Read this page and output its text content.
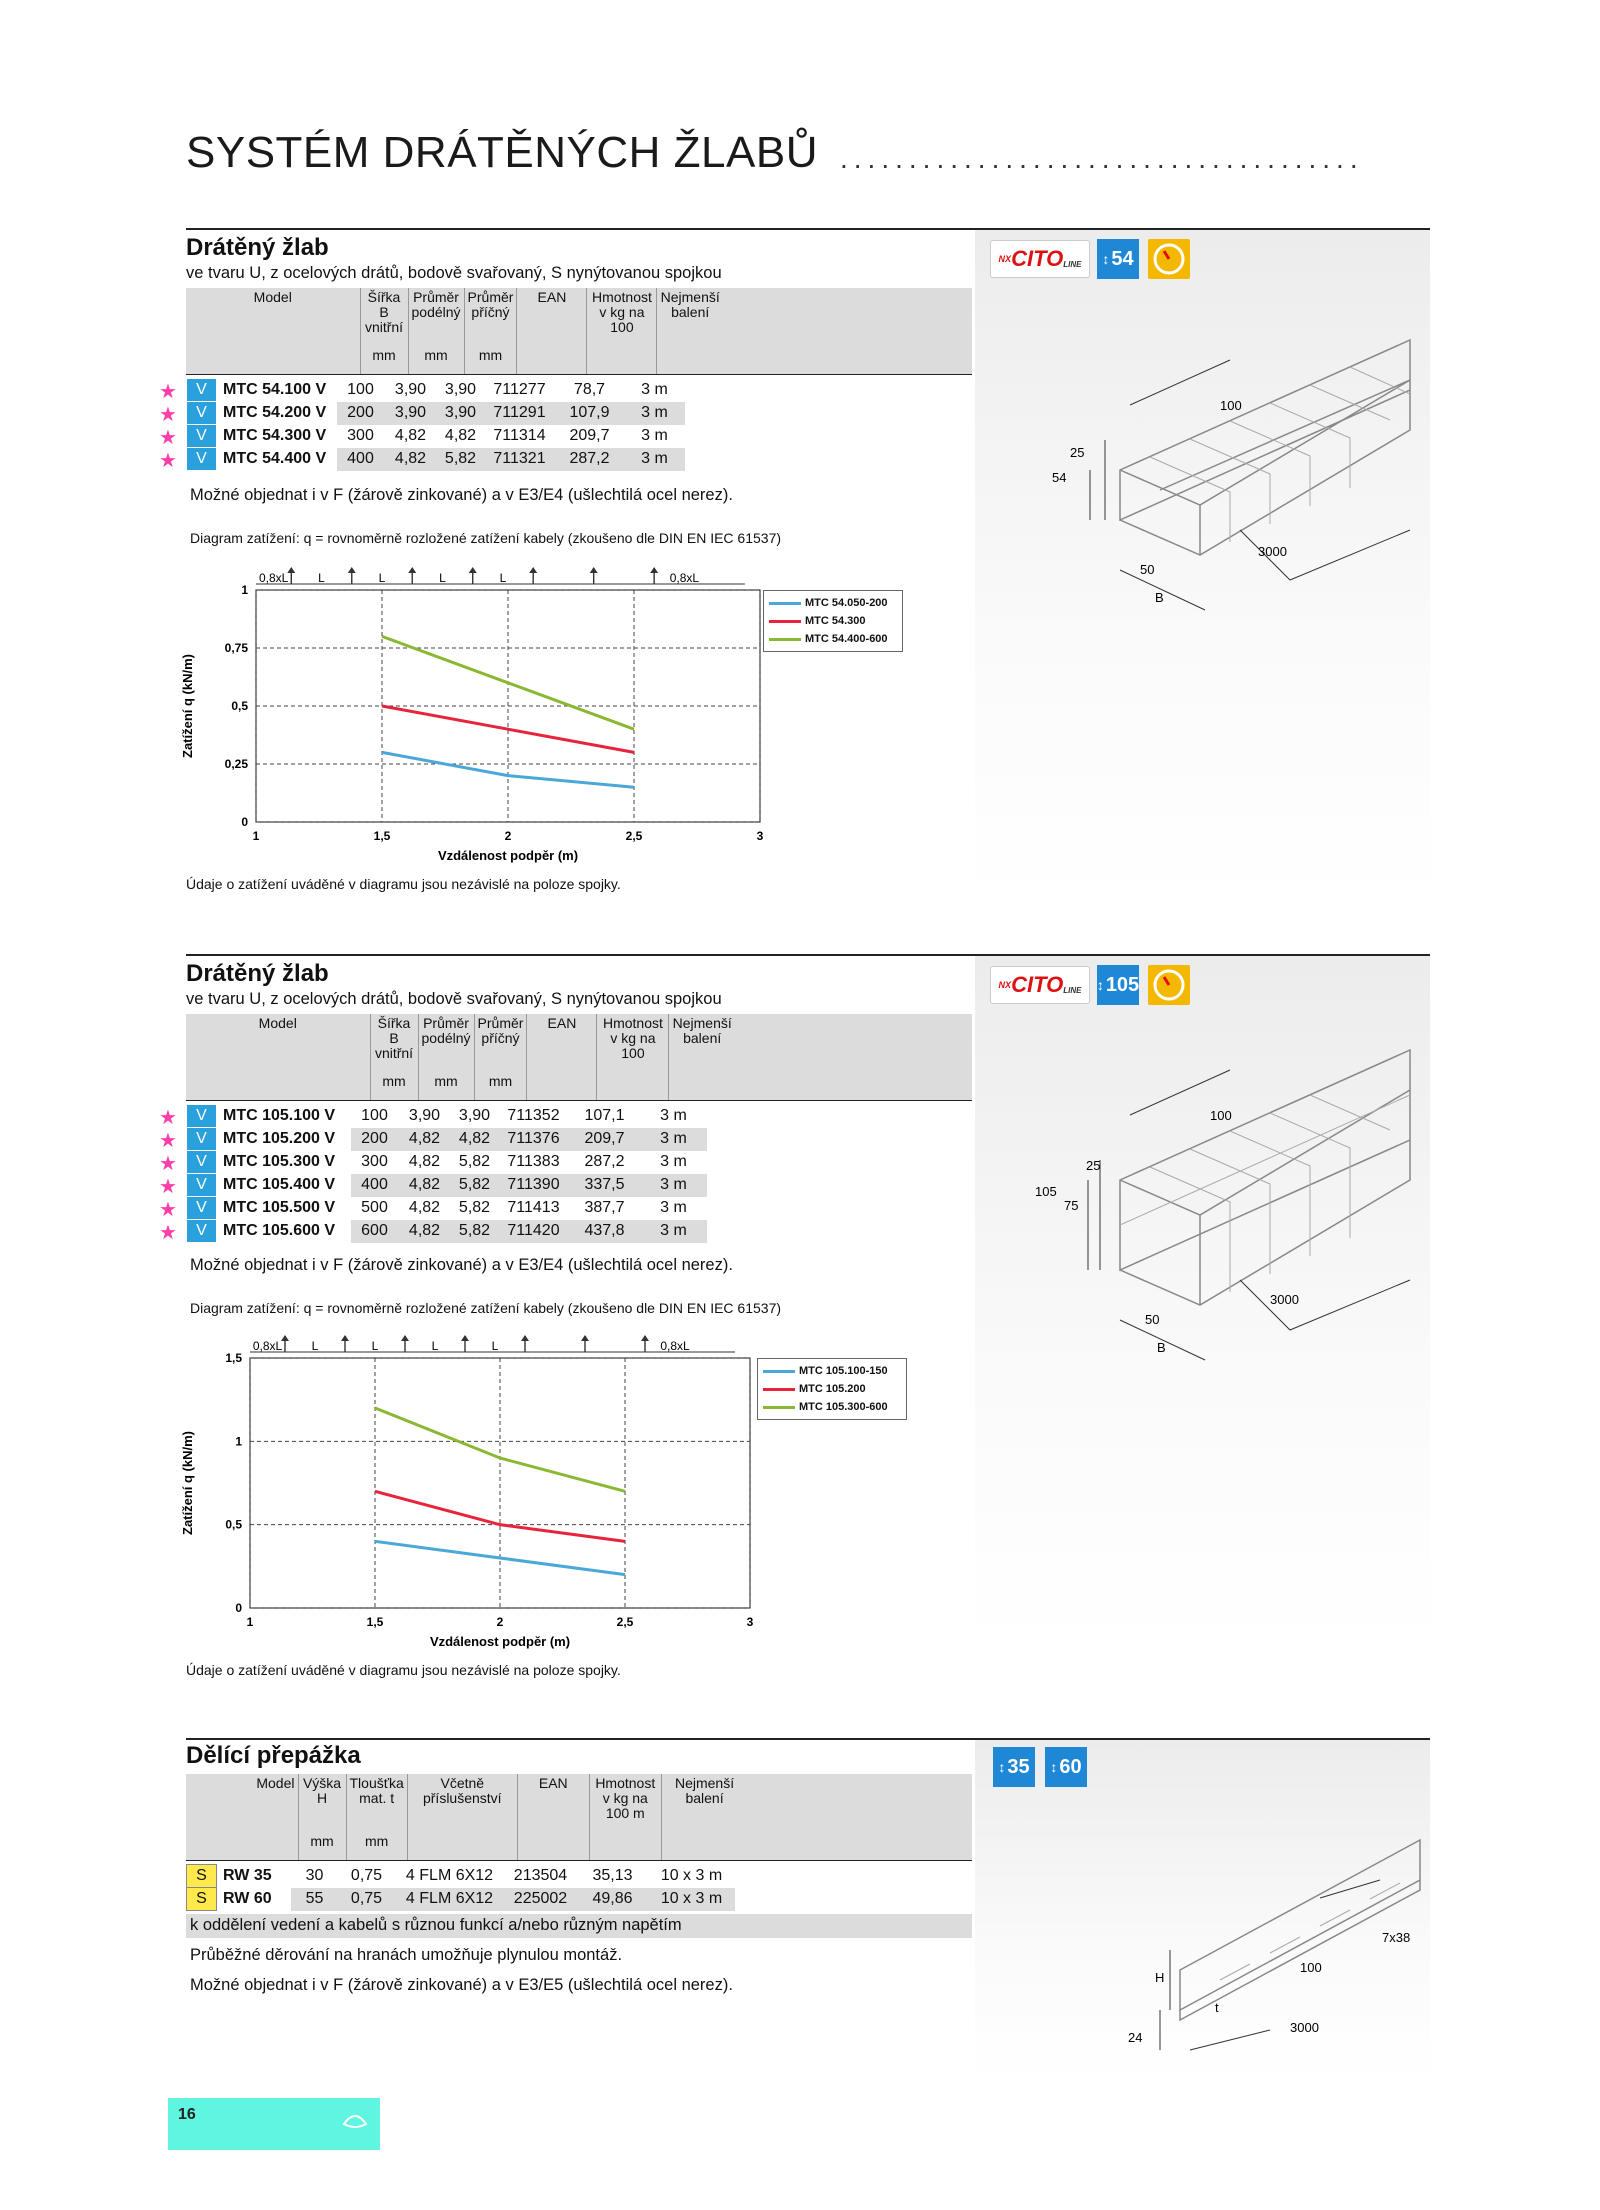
SYSTÉM DRÁTĚNÝCH ŽLABŮ ......................................
Drátěný žlab
ve tvaru U, z ocelových drátů, bodově svařovaný, S nynýtovanou spojkou
NX CITO LINE ↕ 54
Model	Šířka B vnitřní	Průměr podélný	Průměr příčný	EAN	Hmotnost v kg na 100	Nejmenší balení
	mm	mm	mm			
V
★	MTC 54.100 V	100	3,90	3,90	711277	78,7	3 m
V
★	MTC 54.200 V	200	3,90	3,90	711291	107,9	3 m
V
★	MTC 54.300 V	300	4,82	4,82	711314	209,7	3 m
V
★	MTC 54.400 V	400	4,82	5,82	711321	287,2	3 m
Možné objednat i v F (žárově zinkované) a v E3/E4 (ušlechtilá ocel nerez).
Diagram zatížení: q = rovnoměrně rozložené zatížení kabely (zkoušeno dle DIN EN IEC 61537)
1	1,5	2	2,5	3
0
0,25
0,5
0,75
1
Vzdálenost podpěr (m)
Zatížení q (kN/m)
0,8xL L	L	L	L	0,8xL
MTC 54.050-200
MTC 54.300
MTC 54.400-600
Údaje o zatížení uváděné v diagramu jsou nezávislé na poloze spojky.
100
25
54
50
B
3000
Drátěný žlab
ve tvaru U, z ocelových drátů, bodově svařovaný, S nynýtovanou spojkou
NX CITO LINE ↕ 105
Model	Šířka B vnitřní	Průměr podélný	Průměr příčný	EAN	Hmotnost v kg na 100	Nejmenší balení
	mm	mm	mm			
V
★	MTC 105.100 V	100	3,90	3,90	711352	107,1	3 m
V
★	MTC 105.200 V	200	4,82	4,82	711376	209,7	3 m
V
★	MTC 105.300 V	300	4,82	5,82	711383	287,2	3 m
V
★	MTC 105.400 V	400	4,82	5,82	711390	337,5	3 m
V
★	MTC 105.500 V	500	4,82	5,82	711413	387,7	3 m
V
★	MTC 105.600 V	600	4,82	5,82	711420	437,8	3 m
Možné objednat i v F (žárově zinkované) a v E3/E4 (ušlechtilá ocel nerez).
Diagram zatížení: q = rovnoměrně rozložené zatížení kabely (zkoušeno dle DIN EN IEC 61537)
1	1,5	2	2,5	3
0
0,5
1
1,5
Vzdálenost podpěr (m)
Zatížení q (kN/m)
0,8xL L	L	L	L	0,8xL
MTC 105.100-150
MTC 105.200
MTC 105.300-600
Údaje o zatížení uváděné v diagramu jsou nezávislé na poloze spojky.
100
25
105
75
50
B
3000
Dělící přepážka	↕ 35 ↕ 60
Model	Výška H	Tloušťka mat. t	Včetně příslušenství	EAN	Hmotnost v kg na 100 m	Nejmenší balení
	mm	mm				
S	RW 35	30	0,75	4 FLM 6X12	213504	35,13	10 x 3 m
S	RW 60	55	0,75	4 FLM 6X12	225002	49,86	10 x 3 m
k oddělení vedení a kabelů s různou funkcí a/nebo různým napětím
Průběžné děrování na hranách umožňuje plynulou montáž.
Možné objednat i v F (žárově zinkované) a v E3/E5 (ušlechtilá ocel nerez).
7x38
100
H
t
24
3000
16
